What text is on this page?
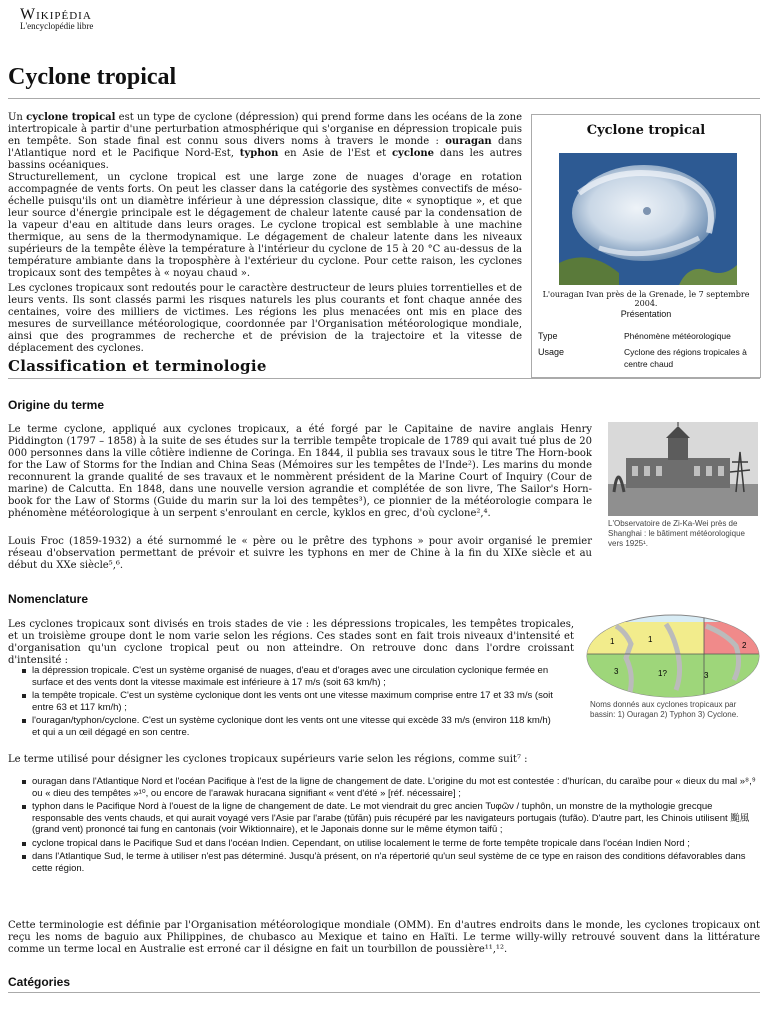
Wikipédia
L'encyclopédie libre
Cyclone tropical

Un cyclone tropical est un type de cyclone (dépression) qui prend forme dans les océans de la zone intertropicale à partir d'une perturbation atmosphérique qui s'organise en dépression tropicale puis en tempête. Son stade final est connu sous divers noms à travers le monde : ouragan dans l'Atlantique nord et le Pacifique Nord-Est, typhon en Asie de l'Est et cyclone dans les autres bassins océaniques.

Structurellement, un cyclone tropical est une large zone de nuages d'orage en rotation accompagnée de vents forts. On peut les classer dans la catégorie des systèmes convectifs de méso-échelle puisqu'ils ont un diamètre inférieur à une dépression classique, dite « synoptique », et que leur source d'énergie principale est le dégagement de chaleur latente causé par la condensation de la vapeur d'eau en altitude dans leurs orages. Le cyclone tropical est semblable à une machine thermique, au sens de la thermodynamique. Le dégagement de chaleur latente dans les niveaux supérieurs de la tempête élève la température à l'intérieur du cyclone de 15 à 20 °C au-dessus de la température ambiante dans la troposphère à l'extérieur du cyclone. Pour cette raison, les cyclones tropicaux sont des tempêtes à « noyau chaud ».

Les cyclones tropicaux sont redoutés pour le caractère destructeur de leurs pluies torrentielles et de leurs vents. Ils sont classés parmi les risques naturels les plus courants et font chaque année des centaines, voire des milliers de victimes. Les régions les plus menacées ont mis en place des mesures de surveillance météorologique, coordonnée par l'Organisation météorologique mondiale, ainsi que des programmes de recherche et de prévision de la trajectoire et la vitesse de déplacement des cyclones.

Cyclone tropical
L'ouragan Ivan près de la Grenade, le 7 septembre 2004.
Présentation
Type	Phénomène météorologique
Usage	Cyclone des régions tropicales à centre chaud
Classification et terminologie
Origine du terme

Le terme cyclone, appliqué aux cyclones tropicaux, a été forgé par le Capitaine de navire anglais Henry Piddington (1797 – 1858) à la suite de ses études sur la terrible tempête tropicale de 1789 qui avait tué plus de 20 000 personnes dans la ville côtière indienne de Coringa. En 1844, il publia ses travaux sous le titre The Horn-book for the Law of Storms for the Indian and China Seas (Mémoires sur les tempêtes de l'Inde²). Les marins du monde reconnurent la grande qualité de ses travaux et le nommèrent président de la Marine Court of Inquiry (Cour de marine) de Calcutta. En 1848, dans une nouvelle version agrandie et complétée de son livre, The Sailor's Horn-book for the Law of Storms (Guide du marin sur la loi des tempêtes³), ce pionnier de la météorologie compara le phénomène météorologique à un serpent s'enroulant en cercle, kyklos en grec, d'où cyclone²,⁴.

Louis Froc (1859-1932) a été surnommé le « père ou le prêtre des typhons » pour avoir organisé le premier réseau d'observation permettant de prévoir et suivre les typhons en mer de Chine à la fin du XIXe siècle et au début du XXe siècle⁵,⁶.

L'Observatoire de Zi-Ka-Wei près de Shanghai : le bâtiment météorologique vers 1925¹.
Nomenclature

Les cyclones tropicaux sont divisés en trois stades de vie : les dépressions tropicales, les tempêtes tropicales, et un troisième groupe dont le nom varie selon les régions. Ces stades sont en fait trois niveaux d'intensité et d'organisation qu'un cyclone tropical peut ou non atteindre. On retrouve donc dans l'ordre croissant d'intensité :

la dépression tropicale. C'est un système organisé de nuages, d'eau et d'orages avec une circulation cyclonique fermée en surface et des vents dont la vitesse maximale est inférieure à 17 m/s (soit 63 km/h) ;
la tempête tropicale. C'est un système cyclonique dont les vents ont une vitesse maximum comprise entre 17 et 33 m/s (soit entre 63 et 117 km/h) ;
l'ouragan/typhon/cyclone. C'est un système cyclonique dont les vents ont une vitesse qui excède 33 m/s (environ 118 km/h) et qui a un œil dégagé en son centre.
1	1
2
3	1?	3
Noms donnés aux cyclones tropicaux par bassin: 1) Ouragan 2) Typhon 3) Cyclone.

Le terme utilisé pour désigner les cyclones tropicaux supérieurs varie selon les régions, comme suit⁷ :

ouragan dans l'Atlantique Nord et l'océan Pacifique à l'est de la ligne de changement de date. L'origine du mot est contestée : d'hurícan, du caraïbe pour « dieux du mal »⁸,⁹ ou « dieu des tempêtes »¹⁰, ou encore de l'arawak huracana signifiant « vent d'été » [réf. nécessaire] ;
typhon dans le Pacifique Nord à l'ouest de la ligne de changement de date. Le mot viendrait du grec ancien Τυφῶν / tuphôn, un monstre de la mythologie grecque responsable des vents chauds, et qui aurait voyagé vers l'Asie par l'arabe (ṭūfān) puis récupéré par les navigateurs portugais (tufão). D'autre part, les Chinois utilisent 颱風 (grand vent) prononcé tai fung en cantonais (voir Wiktionnaire), et le Japonais donne sur le même étymon taifū ;
cyclone tropical dans le Pacifique Sud et dans l'océan Indien. Cependant, on utilise localement le terme de forte tempête tropicale dans l'océan Indien Nord ;
dans l'Atlantique Sud, le terme à utiliser n'est pas déterminé. Jusqu'à présent, on n'a répertorié qu'un seul système de ce type en raison des conditions défavorables dans cette région.

Cette terminologie est définie par l'Organisation météorologique mondiale (OMM). En d'autres endroits dans le monde, les cyclones tropicaux ont reçu les noms de baguio aux Philippines, de chubasco au Mexique et taino en Haïti. Le terme willy-willy retrouvé souvent dans la littérature comme un terme local en Australie est erroné car il désigne en fait un tourbillon de poussière¹¹,¹².

Catégories
